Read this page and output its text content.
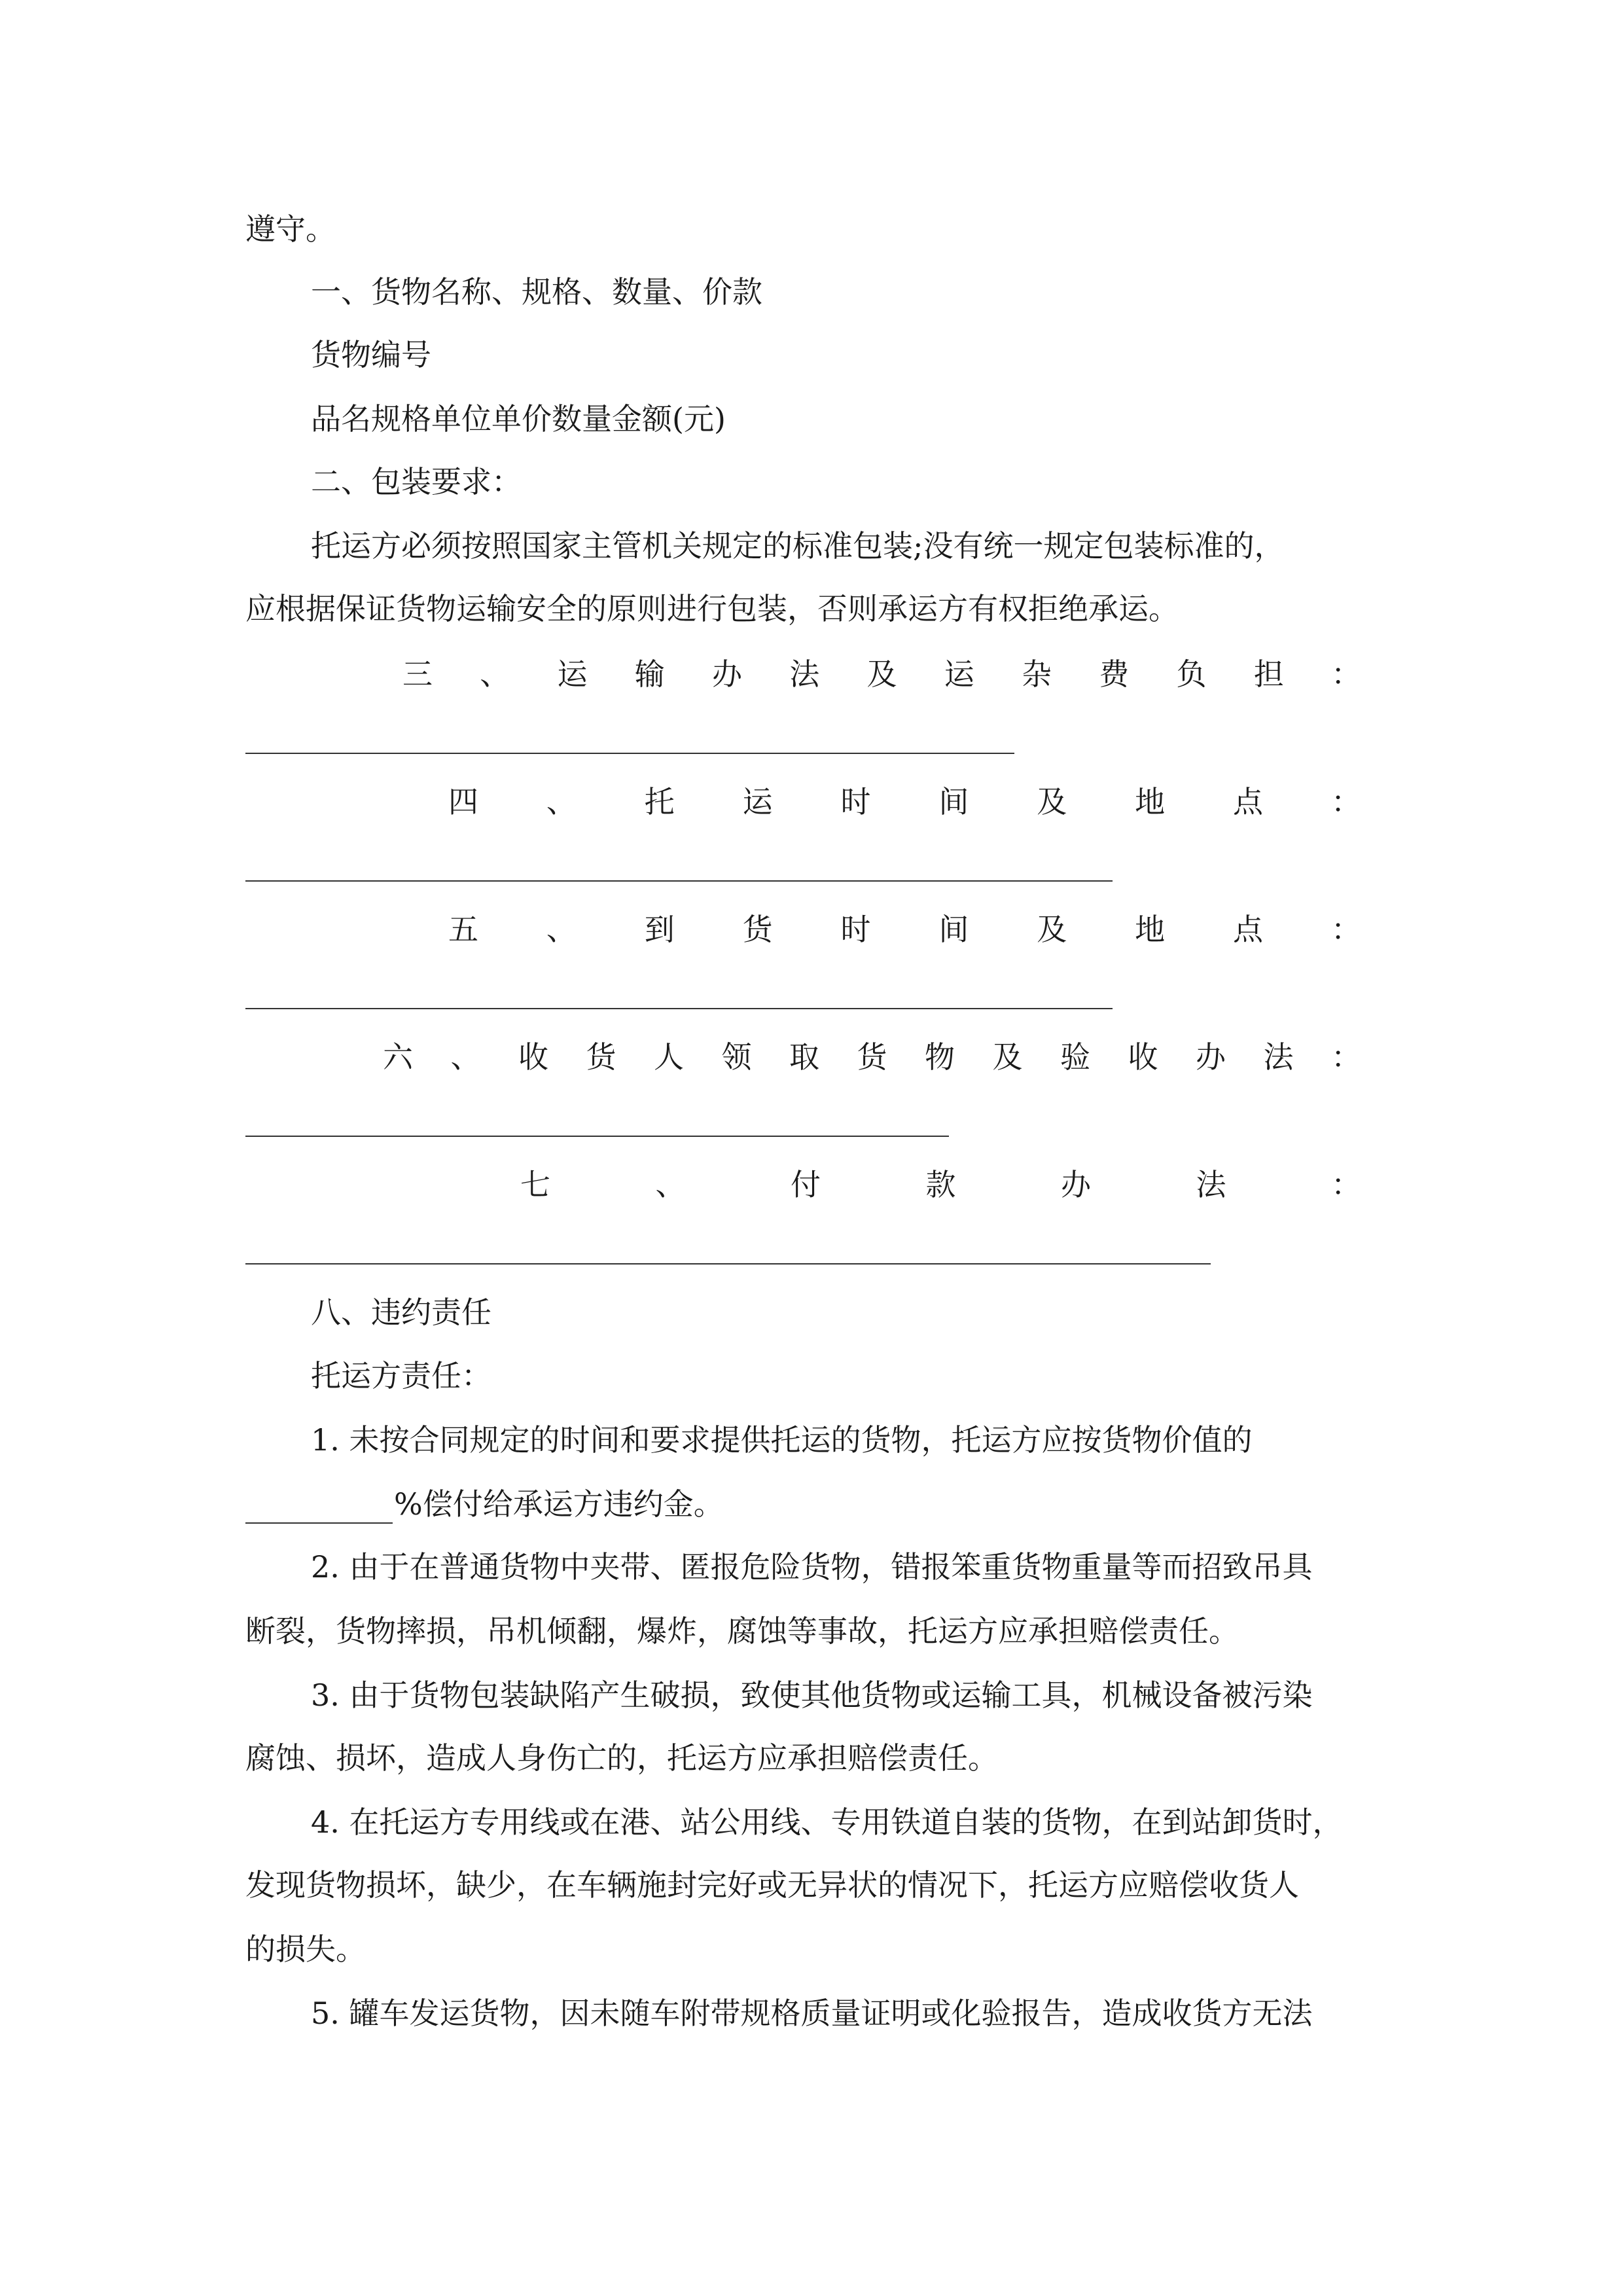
遵守。
一、货物名称、规格、数量、价款
货物编号
品名规格单位单价数量金额(元)
二、包装要求：
托运方必须按照国家主管机关规定的标准包装;没有统一规定包装标准的，
应根据保证货物运输安全的原则进行包装，否则承运方有权拒绝承运。
三 、 运 输 办 法 及 运 杂 费 负 担 ：
四 、 托 运 时 间 及 地 点 ：
五 、 到 货 时 间 及 地 点 ：
六 、 收 货 人 领 取 货 物 及 验 收 办 法 ：
七	、	付	款	办	法	：
八、违约责任
托运方责任：
1. 未按合同规定的时间和要求提供托运的货物，托运方应按货物价值的
%偿付给承运方违约金。
2. 由于在普通货物中夹带、匿报危险货物，错报笨重货物重量等而招致吊具
断裂，货物摔损，吊机倾翻，爆炸，腐蚀等事故，托运方应承担赔偿责任。
3. 由于货物包装缺陷产生破损，致使其他货物或运输工具，机械设备被污染
腐蚀、损坏，造成人身伤亡的，托运方应承担赔偿责任。
4. 在托运方专用线或在港、站公用线、专用铁道自装的货物，在到站卸货时，
发现货物损坏，缺少，在车辆施封完好或无异状的情况下，托运方应赔偿收货人
的损失。
5. 罐车发运货物，因未随车附带规格质量证明或化验报告，造成收货方无法
